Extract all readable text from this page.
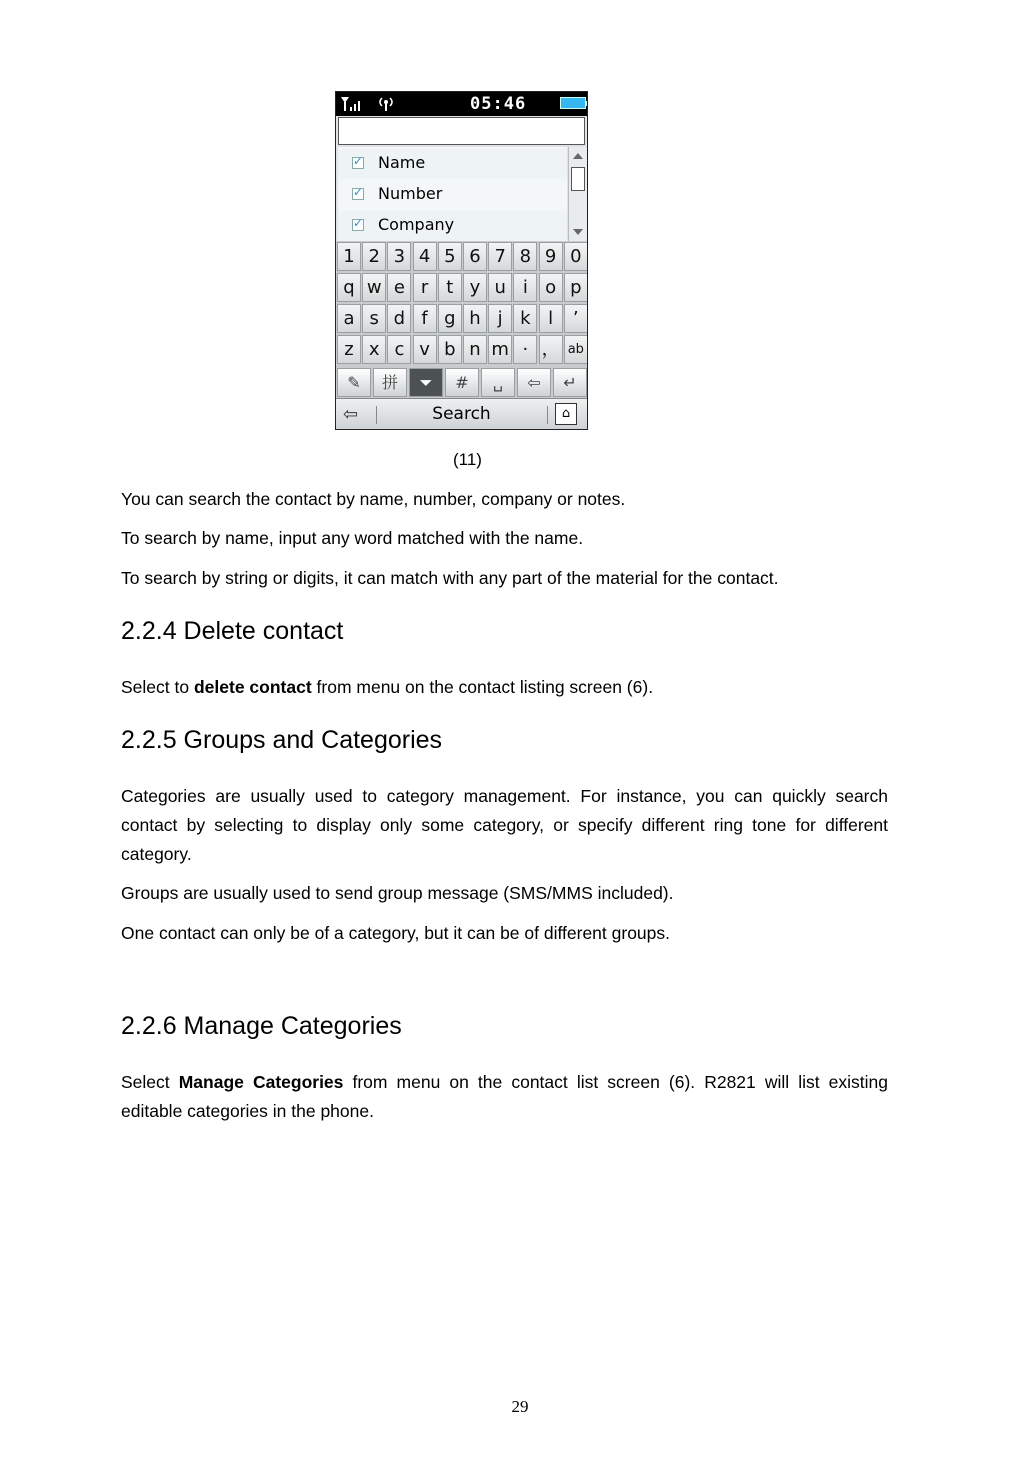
05:46
✓
Name
✓
Number
✓
Company
1 2 3 4 5 6 7 8 9 0
q w e r t y u i o p
a s d f g h j k l	’
z x c v b n m · ， ab
✎	拼	⏷	#	␣	⇦	↵
⇦	Search	⌂
(11)

You can search the contact by name, number, company or notes.

To search by name, input any word matched with the name.

To search by string or digits, it can match with any part of the material for the contact.

2.2.4 Delete contact

Select to delete contact from menu on the contact listing screen (6).

2.2.5 Groups and Categories

Categories are usually used to category management. For instance, you can quickly search contact by selecting to display only some category, or specify different ring tone for different category.

Groups are usually used to send group message (SMS/MMS included).

One contact can only be of a category, but it can be of different groups.

2.2.6 Manage Categories

Select Manage Categories from menu on the contact list screen (6). R2821 will list existing editable categories in the phone.

29
